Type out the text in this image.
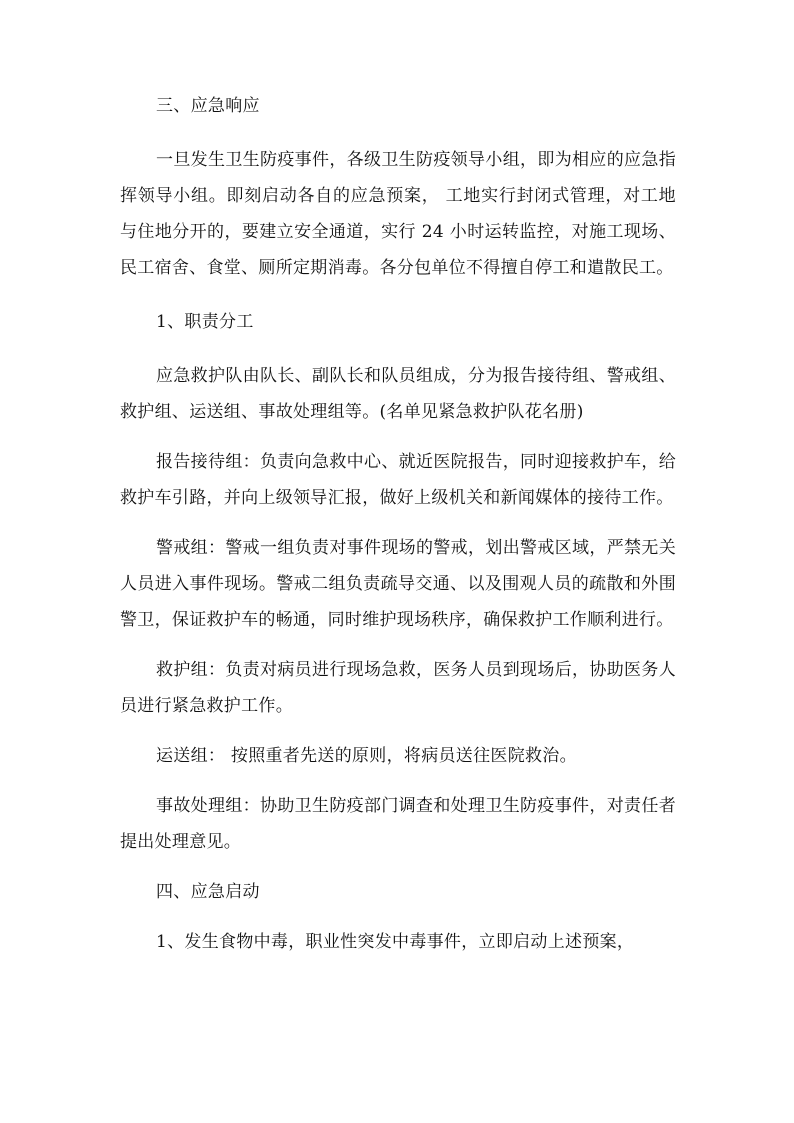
三、应急响应

一旦发生卫生防疫事件，各级卫生防疫领导小组，即为相应的应急指挥领导小组。即刻启动各自的应急预案， 工地实行封闭式管理，对工地与住地分开的，要建立安全通道，实行 24 小时运转监控，对施工现场、民工宿舍、食堂、厕所定期消毒。各分包单位不得擅自停工和遣散民工。

1、职责分工

应急救护队由队长、副队长和队员组成，分为报告接待组、警戒组、救护组、运送组、事故处理组等。(名单见紧急救护队花名册)

报告接待组：负责向急救中心、就近医院报告，同时迎接救护车，给救护车引路，并向上级领导汇报，做好上级机关和新闻媒体的接待工作。

警戒组：警戒一组负责对事件现场的警戒，划出警戒区域，严禁无关人员进入事件现场。警戒二组负责疏导交通、以及围观人员的疏散和外围警卫，保证救护车的畅通，同时维护现场秩序，确保救护工作顺利进行。

救护组：负责对病员进行现场急救，医务人员到现场后，协助医务人员进行紧急救护工作。

运送组： 按照重者先送的原则，将病员送往医院救治。

事故处理组：协助卫生防疫部门调查和处理卫生防疫事件，对责任者提出处理意见。

四、应急启动

1、发生食物中毒，职业性突发中毒事件，立即启动上述预案，
